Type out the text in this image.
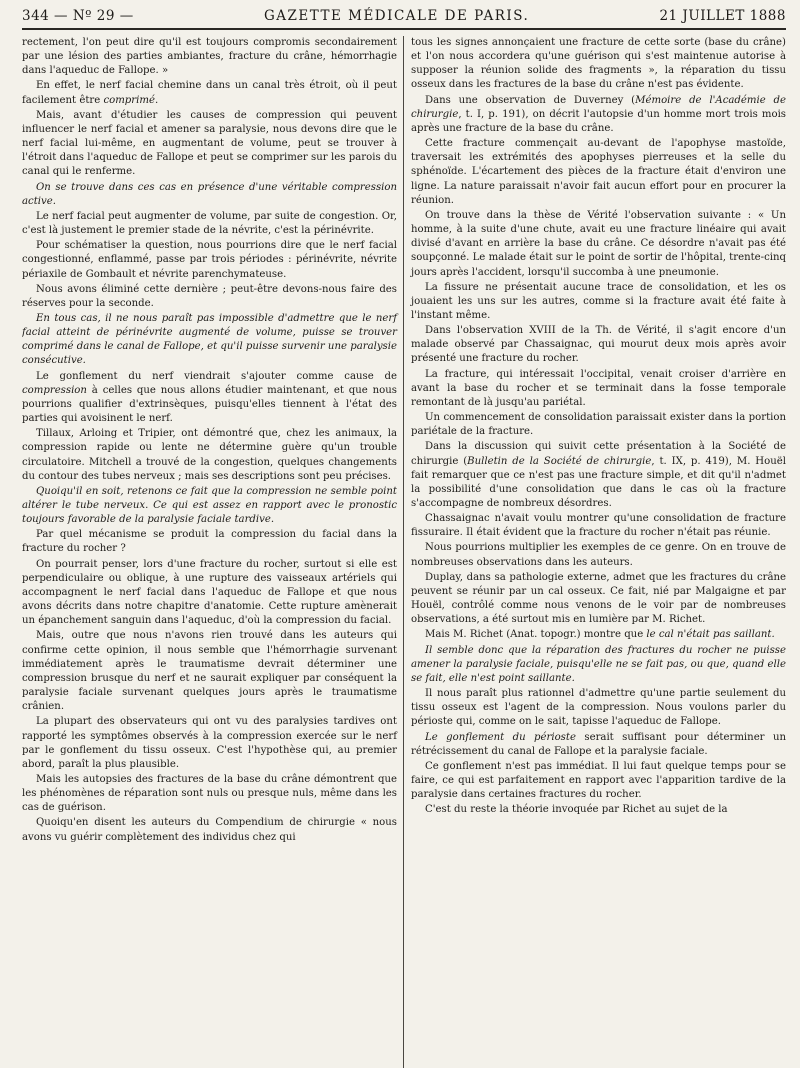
344 — Nº 29 —	GAZETTE MÉDICALE DE PARIS.	21 JUILLET 1888

rectement, l'on peut dire qu'il est toujours compromis secondairement par une lésion des parties ambiantes, fracture du crâne, hémorrhagie dans l'aqueduc de Fallope. »

En effet, le nerf facial chemine dans un canal très étroit, où il peut facilement être comprimé.

Mais, avant d'étudier les causes de compression qui peuvent influencer le nerf facial et amener sa paralysie, nous devons dire que le nerf facial lui-même, en augmentant de volume, peut se trouver à l'étroit dans l'aqueduc de Fallope et peut se comprimer sur les parois du canal qui le renferme.

On se trouve dans ces cas en présence d'une véritable compression active.

Le nerf facial peut augmenter de volume, par suite de congestion. Or, c'est là justement le premier stade de la névrite, c'est la périnévrite.

Pour schématiser la question, nous pourrions dire que le nerf facial congestionné, enflammé, passe par trois périodes : périnévrite, névrite périaxile de Gombault et névrite parenchymateuse.

Nous avons éliminé cette dernière ; peut-être devons-nous faire des réserves pour la seconde.

En tous cas, il ne nous paraît pas impossible d'admettre que le nerf facial atteint de périnévrite augmenté de volume, puisse se trouver comprimé dans le canal de Fallope, et qu'il puisse survenir une paralysie consécutive.

Le gonflement du nerf viendrait s'ajouter comme cause de compression à celles que nous allons étudier maintenant, et que nous pourrions qualifier d'extrinsèques, puisqu'elles tiennent à l'état des parties qui avoisinent le nerf.

Tillaux, Arloing et Tripier, ont démontré que, chez les animaux, la compression rapide ou lente ne détermine guère qu'un trouble circulatoire. Mitchell a trouvé de la congestion, quelques changements du contour des tubes nerveux ; mais ses descriptions sont peu précises.

Quoiqu'il en soit, retenons ce fait que la compression ne semble point altérer le tube nerveux. Ce qui est assez en rapport avec le pronostic toujours favorable de la paralysie faciale tardive.

Par quel mécanisme se produit la compression du facial dans la fracture du rocher ?

On pourrait penser, lors d'une fracture du rocher, surtout si elle est perpendiculaire ou oblique, à une rupture des vaisseaux artériels qui accompagnent le nerf facial dans l'aqueduc de Fallope et que nous avons décrits dans notre chapitre d'anatomie. Cette rupture amènerait un épanchement sanguin dans l'aqueduc, d'où la compression du facial.

Mais, outre que nous n'avons rien trouvé dans les auteurs qui confirme cette opinion, il nous semble que l'hémorrhagie survenant immédiatement après le traumatisme devrait déterminer une compression brusque du nerf et ne saurait expliquer par conséquent la paralysie faciale survenant quelques jours après le traumatisme crânien.

La plupart des observateurs qui ont vu des paralysies tardives ont rapporté les symptômes observés à la compression exercée sur le nerf par le gonflement du tissu osseux. C'est l'hypothèse qui, au premier abord, paraît la plus plausible.

Mais les autopsies des fractures de la base du crâne démontrent que les phénomènes de réparation sont nuls ou presque nuls, même dans les cas de guérison.

Quoiqu'en disent les auteurs du Compendium de chirurgie « nous avons vu guérir complètement des individus chez qui

tous les signes annonçaient une fracture de cette sorte (base du crâne) et l'on nous accordera qu'une guérison qui s'est maintenue autorise à supposer la réunion solide des fragments », la réparation du tissu osseux dans les fractures de la base du crâne n'est pas évidente.

Dans une observation de Duverney (Mémoire de l'Académie de chirurgie, t. I, p. 191), on décrit l'autopsie d'un homme mort trois mois après une fracture de la base du crâne.

Cette fracture commençait au-devant de l'apophyse mastoïde, traversait les extrémités des apophyses pierreuses et la selle du sphénoïde. L'écartement des pièces de la fracture était d'environ une ligne. La nature paraissait n'avoir fait aucun effort pour en procurer la réunion.

On trouve dans la thèse de Vérité l'observation suivante : « Un homme, à la suite d'une chute, avait eu une fracture linéaire qui avait divisé d'avant en arrière la base du crâne. Ce désordre n'avait pas été soupçonné. Le malade était sur le point de sortir de l'hôpital, trente-cinq jours après l'accident, lorsqu'il succomba à une pneumonie.

La fissure ne présentait aucune trace de consolidation, et les os jouaient les uns sur les autres, comme si la fracture avait été faite à l'instant même.

Dans l'observation XVIII de la Th. de Vérité, il s'agit encore d'un malade observé par Chassaignac, qui mourut deux mois après avoir présenté une fracture du rocher.

La fracture, qui intéressait l'occipital, venait croiser d'arrière en avant la base du rocher et se terminait dans la fosse temporale remontant de là jusqu'au pariétal.

Un commencement de consolidation paraissait exister dans la portion pariétale de la fracture.

Dans la discussion qui suivit cette présentation à la Société de chirurgie (Bulletin de la Société de chirurgie, t. IX, p. 419), M. Houël fait remarquer que ce n'est pas une fracture simple, et dit qu'il n'admet la possibilité d'une consolidation que dans le cas où la fracture s'accompagne de nombreux désordres.

Chassaignac n'avait voulu montrer qu'une consolidation de fracture fissuraire. Il était évident que la fracture du rocher n'était pas réunie.

Nous pourrions multiplier les exemples de ce genre. On en trouve de nombreuses observations dans les auteurs.

Duplay, dans sa pathologie externe, admet que les fractures du crâne peuvent se réunir par un cal osseux. Ce fait, nié par Malgaigne et par Houël, contrôlé comme nous venons de le voir par de nombreuses observations, a été surtout mis en lumière par M. Richet.

Mais M. Richet (Anat. topogr.) montre que le cal n'était pas saillant.

Il semble donc que la réparation des fractures du rocher ne puisse amener la paralysie faciale, puisqu'elle ne se fait pas, ou que, quand elle se fait, elle n'est point saillante.

Il nous paraît plus rationnel d'admettre qu'une partie seulement du tissu osseux est l'agent de la compression. Nous voulons parler du périoste qui, comme on le sait, tapisse l'aqueduc de Fallope.

Le gonflement du périoste serait suffisant pour déterminer un rétrécissement du canal de Fallope et la paralysie faciale.

Ce gonflement n'est pas immédiat. Il lui faut quelque temps pour se faire, ce qui est parfaitement en rapport avec l'apparition tardive de la paralysie dans certaines fractures du rocher.

C'est du reste la théorie invoquée par Richet au sujet de la
